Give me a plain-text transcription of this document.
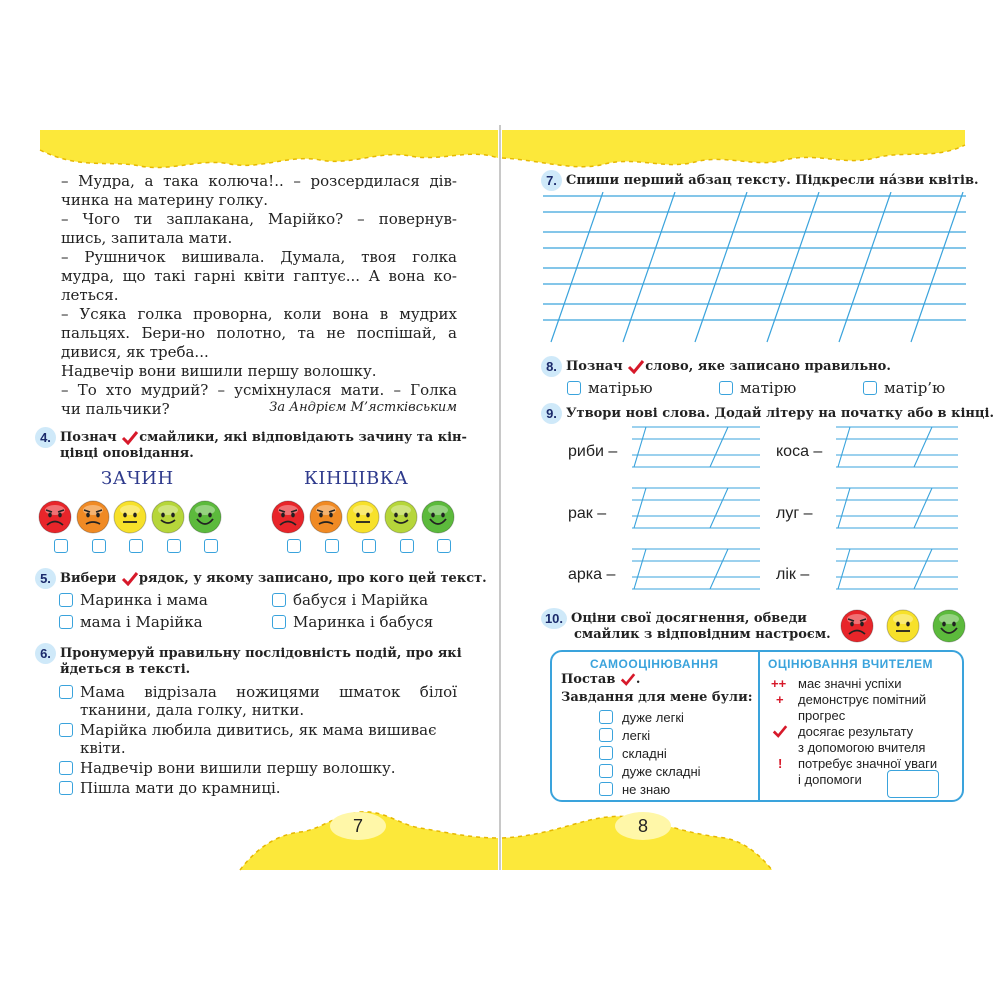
– Мудра, а така колюча!.. – розсердилася дів-
чинка на материну голку.
– Чого ти заплакана, Марійко? – повернув-
шись, запитала мати.
– Рушничок вишивала. Думала, твоя голка
мудра, що такі гарні квіти гаптує... А вона ко-
леться.
– Усяка голка проворна, коли вона в мудрих
пальцях. Бери-но полотно, та не поспішай, а
дивися, як треба...
Надвечір вони вишили першу волошку.
– То хто мудрий? – усміхнулася мати. – Голка
чи пальчики?	За Андрієм М’ястківським
4. Познач смайлики, які відповідають зачину та кін-
цівці оповідання.
ЗАЧИН	КІНЦІВКА
5. Вибери рядок, у якому записано, про кого цей текст.
Маринка і мама	бабуся і Марійка
мама і Марійка	Маринка і бабуся
6. Пронумеруй правильну послідовність подій, про які
йдеться в тексті.
Мама відрізала ножицями шматок білої
тканини, дала голку, нитки.
Марійка любила дивитись, як мама вишиває
квіти.
Надвечір вони вишили першу волошку.
Пішла мати до крамниці.
7
7. Спиши перший абзац тексту. Підкресли на́зви квітів.
8. Познач слово, яке записано правильно.
матірью	матірю	матір’ю
9. Утвори нові слова. Додай літеру на початку або в кінці.
риби –	коса –
рак –	луг –
арка –	лік –
10. Оціни свої досягнення, обведи
смайлик з відповідним настроєм.
САМООЦІНЮВАННЯ
Постав .
Завдання для мене були:
дуже легкі
легкі
складні
дуже складні
не знаю
ОЦІНЮВАННЯ ВЧИТЕЛЕМ
++ має значні успіхи
+ демонструє помітний
прогрес
досягає результату
з допомогою вчителя
! потребує значної уваги
і допомоги
8
